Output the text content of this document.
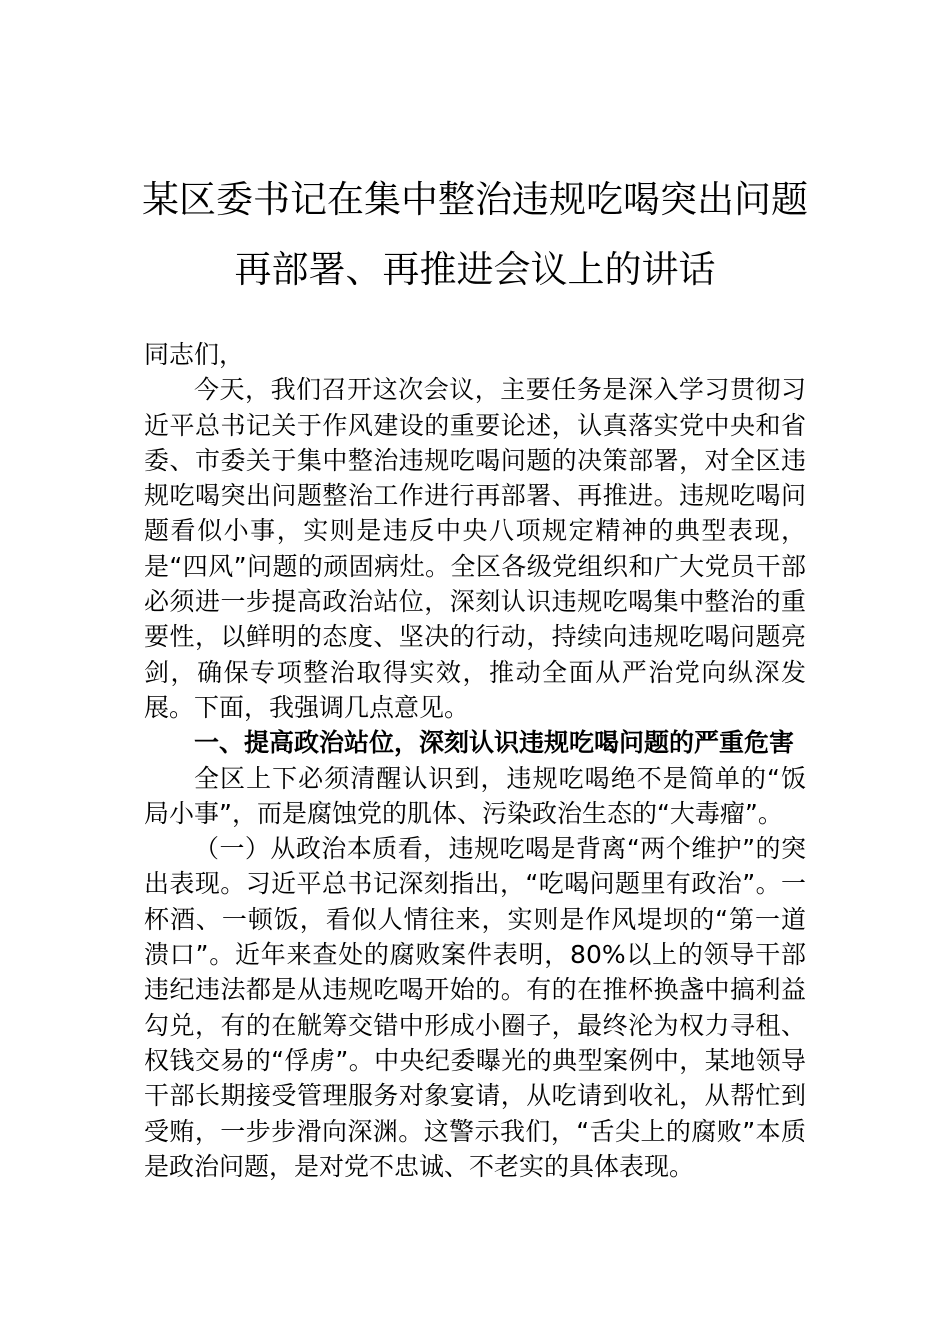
某区委书记在集中整治违规吃喝突出问题
再部署、再推进会议上的讲话

同志们，

今天，我们召开这次会议，主要任务是深入学习贯彻习近平总书记关于作风建设的重要论述，认真落实党中央和省委、市委关于集中整治违规吃喝问题的决策部署，对全区违规吃喝突出问题整治工作进行再部署、再推进。违规吃喝问题看似小事，实则是违反中央八项规定精神的典型表现，是“四风”问题的顽固病灶。全区各级党组织和广大党员干部必须进一步提高政治站位，深刻认识违规吃喝集中整治的重要性，以鲜明的态度、坚决的行动，持续向违规吃喝问题亮剑，确保专项整治取得实效，推动全面从严治党向纵深发展。下面，我强调几点意见。

一、提高政治站位，深刻认识违规吃喝问题的严重危害

全区上下必须清醒认识到，违规吃喝绝不是简单的“饭局小事”，而是腐蚀党的肌体、污染政治生态的“大毒瘤”。

（一）从政治本质看，违规吃喝是背离“两个维护”的突出表现。习近平总书记深刻指出，“吃喝问题里有政治”。一杯酒、一顿饭，看似人情往来，实则是作风堤坝的“第一道溃口”。近年来查处的腐败案件表明，80%以上的领导干部违纪违法都是从违规吃喝开始的。有的在推杯换盏中搞利益勾兑，有的在觥筹交错中形成小圈子，最终沦为权力寻租、权钱交易的“俘虏”。中央纪委曝光的典型案例中，某地领导干部长期接受管理服务对象宴请，从吃请到收礼，从帮忙到受贿，一步步滑向深渊。这警示我们，“舌尖上的腐败”本质是政治问题，是对党不忠诚、不老实的具体表现。
